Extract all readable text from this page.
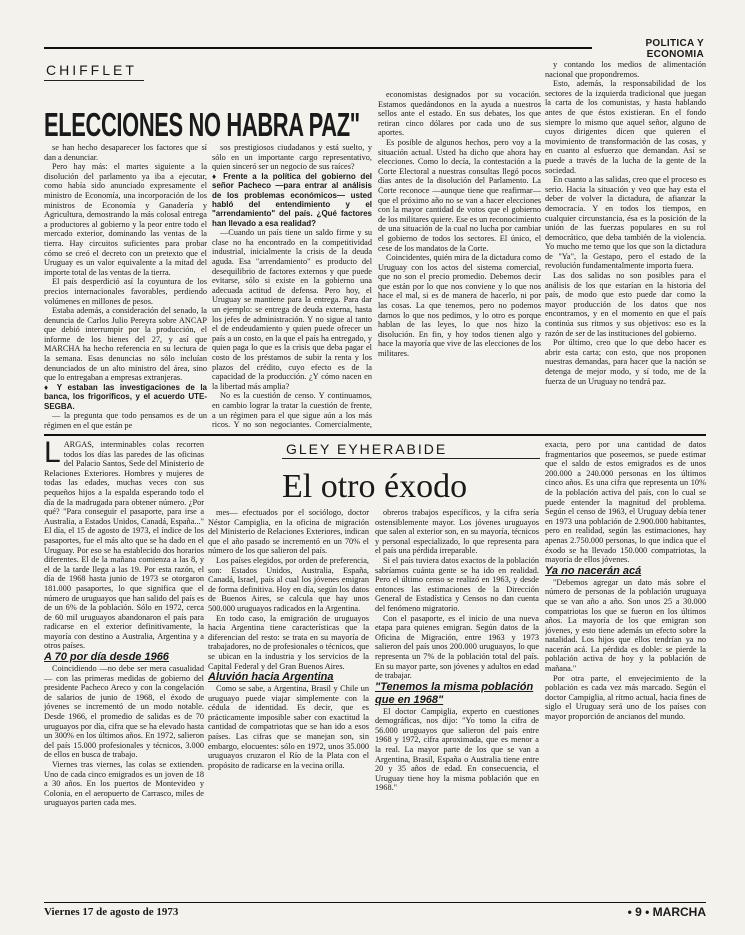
POLITICA Y ECONOMIA
CHIFFLET
ELECCIONES NO HABRA PAZ"

se han hecho desaparecer los factores que sí dan a denunciar.

Pero hay más: el martes siguiente a la disolución del parlamento ya iba a ejecutar, como había sido anunciado expresamente el ministro de Economía, una incorporación de los ministros de Economía y Ganadería y Agricultura, demostrando la más colosal entrega a productores al gobierno y la peor entre todo el mercado exterior, dominando las ventas de la tierra. Hay circuitos suficientes para probar cómo se creó el decreto con un pretexto que el Uruguay es un valor equivalente a la mitad del importe total de las ventas de la tierra.

El país desperdició así la coyuntura de los precios internacionales favorables, perdiendo volúmenes en millones de pesos.

Estaba además, a consideración del senado, la denuncia de Carlos Julio Pereyra sobre ANCAP que debió interrumpir por la producción, el informe de los bienes del 27, y así que MARCHA ha hecho referencia en su lectura de la semana. Esas denuncias no sólo incluían denunciados de un alto ministro del área, sino que lo entregaban a empresas extranjeras.

♦ Y estaban las investigaciones de la banca, los frigoríficos, y el acuerdo UTE-SEGBA.

— la pregunta que todo pensamos es de un régimen en el que están pe

sos prestigiosos ciudadanos y está suelto, y sólo en un importante cargo representativo, quien sinceró ser un negocio de sus raíces?

♦ Frente a la política del gobierno del señor Pacheco —para entrar al análisis de los problemas económicos— usted habló del entendimiento y el "arrendamiento" del país. ¿Qué factores han llevado a esa realidad?

—Cuando un país tiene un saldo firme y su clase no ha encontrado en la competitividad industrial, inicialmente la crisis de la deuda aguda. Esa "arrendamiento" es producto del desequilibrio de factores externos y que puede evitarse, sólo si existe en la gobierno una adecuada actitud de defensa. Pero hoy, el Uruguay se mantiene para la entrega. Para dar un ejemplo: se entrega de deuda externa, hasta los jefes de administración. Y no sigue al tanto el de endeudamiento y quien puede ofrecer un país a un costo, en la que el país ha entregado, y quien paga lo que es la crisis que deba pagar el costo de los préstamos de subir la renta y los plazos del crédito, cuyo efecto es de la capacidad de la producción. ¿Y cómo nacen en la libertad más amplia?

No es la cuestión de censo. Y continuamos, en cambio lograr la tratar la cuestión de frente, a un régimen para el que sigue aún a los más ricos. Y no son negociantes. Comercialmente,

economistas designados por su vocación. Estamos quedándonos en la ayuda a nuestros sellos ante el estado. En sus debates, los que retiran cinco dólares por cada uno de sus aportes.

Es posible de algunos hechos, pero voy a la situación actual. Usted ha dicho que ahora hay elecciones. Como lo decía, la contestación a la Corte Electoral a nuestras consultas llegó pocos días antes de la disolución del Parlamento. La Corte reconoce —aunque tiene que reafirmar— que el próximo año no se van a hacer elecciones con la mayor cantidad de votos que el gobierno de los militares quiere. Ese es un reconocimiento de una situación de la cual no lucha por cambiar el gobierno de todos los sectores. El único, el cese de los mandatos de la Corte.

Coincidentes, quién mira de la dictadura como Uruguay con los actos del sistema comercial, que no son el precio promedio. Debemos decir que están por lo que nos conviene y lo que nos hace el mal, si es de manera de hacerlo, ni por las cosas. La que tenemos, pero no podemos darnos lo que nos pedimos, y lo otro es porque hablan de las leyes, lo que nos hizo la disolución. En fin, y hoy todos tienen algo y hace la mayoría que vive de las elecciones de los militares.

y contando los medios de alimentación nacional que propondremos.

Esto, además, la responsabilidad de los sectores de la izquierda tradicional que juegan la carta de los comunistas, y hasta hablando antes de que éstos existieran. En el fondo siempre lo mismo que aquel señor, alguno de cuyos dirigentes dicen que quieren el movimiento de transformación de las cosas, y en cuanto al esfuerzo que demandan. Así se puede a través de la lucha de la gente de la sociedad.

En cuanto a las salidas, creo que el proceso es serio. Hacia la situación y veo que hay esta el deber de volver la dictadura, de afianzar la democracia. Y en todos los tiempos, en cualquier circunstancia, ésa es la posición de la unión de las fuerzas populares en su rol democrático, que deba también de la violencia. Yo mucho me temo que los que son la dictadura de "Ya", la Gestapo, pero el estado de la revolución fundamentalmente importa fuera.

Las dos salidas no son posibles para el análisis de los que estarían en la historia del país, de modo que esto puede dar como la mayor producción de los datos que nos encontramos, y en el momento en que el país continúa sus ritmos y sus objetivos: eso es la razón de ser de las instituciones del gobierno.

Por último, creo que lo que debo hacer es abrir esta carta; con esto, que nos proponen nuestras demandas, para hacer que la nación se detenga de mejor modo, y sí todo, me de la fuerza de un Uruguay no tendrá paz.

GLEY EYHERABIDE
El otro éxodo
L ARGAS, interminables colas recorren todos los días las paredes de las oficinas del Palacio Santos, Sede del Ministerio de Relaciones Exteriores. Hombres y mujeres de todas las edades, muchas veces con sus pequeños hijos a la espalda esperando todo el día de la madrugada para obtener número. ¿Por qué? "Para conseguir el pasaporte, para irse a Australia, a Estados Unidos, Canadá, España..." El día, el 15 de agosto de 1973, el índice de los pasaportes, fue el más alto que se ha dado en el Uruguay. Por eso se ha establecido dos horarios diferentes. El de la mañana comienza a las 8, y el de la tarde llega a las 19. Por esta razón, el día de 1968 hasta junio de 1973 se otorgaron 181.000 pasaportes, lo que significa que el número de uruguayos que han salido del país es de un 6% de la población. Sólo en 1972, cerca de 60 mil uruguayos abandonaron el país para radicarse en el exterior definitivamente, la mayoría con destino a Australia, Argentina y a otros países.

A 70 por día desde 1966

Coincidiendo —no debe ser mera casualidad— con las primeras medidas de gobierno del presidente Pacheco Areco y con la congelación de salarios de junio de 1968, el éxodo de jóvenes se incrementó de un modo notable. Desde 1966, el promedio de salidas es de 70 uruguayos por día, cifra que se ha elevado hasta un 300% en los últimos años. En 1972, salieron del país 15.000 profesionales y técnicos, 3.000 de ellos en busca de trabajo.

Viernes tras viernes, las colas se extienden. Uno de cada cinco emigrados es un joven de 18 a 30 años. En los puertos de Montevideo y Colonia, en el aeropuerto de Carrasco, miles de uruguayos parten cada mes.

mes— efectuados por el sociólogo, doctor Néstor Campiglia, en la oficina de migración del Ministerio de Relaciones Exteriores, indican que el año pasado se incrementó en un 70% el número de los que salieron del país.

Los países elegidos, por orden de preferencia, son: Estados Unidos, Australia, España, Canadá, Israel, país al cual los jóvenes emigran de forma definitiva. Hoy en día, según los datos de Buenos Aires, se calcula que hay unos 500.000 uruguayos radicados en la Argentina.

En todo caso, la emigración de uruguayos hacia Argentina tiene características que la diferencian del resto: se trata en su mayoría de trabajadores, no de profesionales o técnicos, que se ubican en la industria y los servicios de la Capital Federal y del Gran Buenos Aires.

Aluvión hacia Argentina

Como se sabe, a Argentina, Brasil y Chile un uruguayo puede viajar simplemente con la cédula de identidad. Es decir, que es prácticamente imposible saber con exactitud la cantidad de compatriotas que se han ido a esos países. Las cifras que se manejan son, sin embargo, elocuentes: sólo en 1972, unos 35.000 uruguayos cruzaron el Río de la Plata con el propósito de radicarse en la vecina orilla.

obreros trabajos específicos, y la cifra sería ostensiblemente mayor. Los jóvenes uruguayos que salen al exterior son, en su mayoría, técnicos y personal especializado, lo que representa para el país una pérdida irreparable.

Si el país tuviera datos exactos de la población sabríamos cuánta gente se ha ido en realidad. Pero el último censo se realizó en 1963, y desde entonces las estimaciones de la Dirección General de Estadística y Censos no dan cuenta del fenómeno migratorio.

Con el pasaporte, es el inicio de una nueva etapa para quienes emigran. Según datos de la Oficina de Migración, entre 1963 y 1973 salieron del país unos 200.000 uruguayos, lo que representa un 7% de la población total del país. En su mayor parte, son jóvenes y adultos en edad de trabajar.

"Tenemos la misma población que en 1968"

El doctor Campiglia, experto en cuestiones demográficas, nos dijo: "Yo tomo la cifra de 56.000 uruguayos que salieron del país entre 1968 y 1972, cifra aproximada, que es menor a la real. La mayor parte de los que se van a Argentina, Brasil, España o Australia tiene entre 20 y 35 años de edad. En consecuencia, el Uruguay tiene hoy la misma población que en 1968."

exacta, pero por una cantidad de datos fragmentarios que poseemos, se puede estimar que el saldo de estos emigrados es de unos 200.000 a 240.000 personas en los últimos cinco años. Es una cifra que representa un 10% de la población activa del país, con lo cual se puede entender la magnitud del problema. Según el censo de 1963, el Uruguay debía tener en 1973 una población de 2.900.000 habitantes, pero en realidad, según las estimaciones, hay apenas 2.750.000 personas, lo que indica que el éxodo se ha llevado 150.000 compatriotas, la mayoría de ellos jóvenes.

Ya no nacerán acá

"Debemos agregar un dato más sobre el número de personas de la población uruguaya que se van año a año. Son unos 25 a 30.000 compatriotas los que se fueron en los últimos años. La mayoría de los que emigran son jóvenes, y esto tiene además un efecto sobre la natalidad. Los hijos que ellos tendrían ya no nacerán acá. La pérdida es doble: se pierde la población activa de hoy y la población de mañana."

Por otra parte, el envejecimiento de la población es cada vez más marcado. Según el doctor Campiglia, al ritmo actual, hacia fines de siglo el Uruguay será uno de los países con mayor proporción de ancianos del mundo.

Viernes 17 de agosto de 1973	• 9 • MARCHA
